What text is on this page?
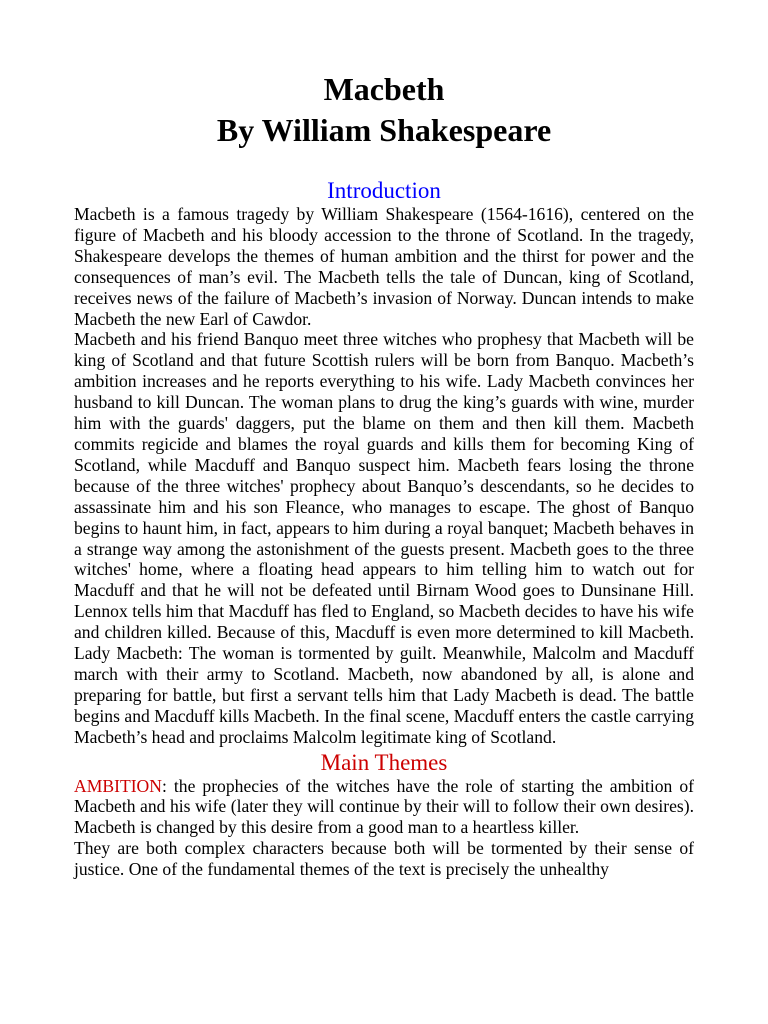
Macbeth
By William Shakespeare
Introduction

Macbeth is a famous tragedy by William Shakespeare (1564-1616), centered on the figure of Macbeth and his bloody accession to the throne of Scotland. In the tragedy, Shakespeare develops the themes of human ambition and the thirst for power and the consequences of man’s evil. The Macbeth tells the tale of Duncan, king of Scotland, receives news of the failure of Macbeth’s invasion of Norway. Duncan intends to make Macbeth the new Earl of Cawdor.

Macbeth and his friend Banquo meet three witches who prophesy that Macbeth will be king of Scotland and that future Scottish rulers will be born from Banquo. Macbeth’s ambition increases and he reports everything to his wife. Lady Macbeth convinces her husband to kill Duncan. The woman plans to drug the king’s guards with wine, murder him with the guards' daggers, put the blame on them and then kill them. Macbeth commits regicide and blames the royal guards and kills them for becoming King of Scotland, while Macduff and Banquo suspect him. Macbeth fears losing the throne because of the three witches' prophecy about Banquo’s descendants, so he decides to assassinate him and his son Fleance, who manages to escape. The ghost of Banquo begins to haunt him, in fact, appears to him during a royal banquet; Macbeth behaves in a strange way among the astonishment of the guests present. Macbeth goes to the three witches' home, where a floating head appears to him telling him to watch out for Macduff and that he will not be defeated until Birnam Wood goes to Dunsinane Hill. Lennox tells him that Macduff has fled to England, so Macbeth decides to have his wife and children killed. Because of this, Macduff is even more determined to kill Macbeth. Lady Macbeth: The woman is tormented by guilt. Meanwhile, Malcolm and Macduff march with their army to Scotland. Macbeth, now abandoned by all, is alone and preparing for battle, but first a servant tells him that Lady Macbeth is dead. The battle begins and Macduff kills Macbeth. In the final scene, Macduff enters the castle carrying Macbeth’s head and proclaims Malcolm legitimate king of Scotland.

Main Themes

AMBITION: the prophecies of the witches have the role of starting the ambition of Macbeth and his wife (later they will continue by their will to follow their own desires). Macbeth is changed by this desire from a good man to a heartless killer.

They are both complex characters because both will be tormented by their sense of justice. One of the fundamental themes of the text is precisely the unhealthy
